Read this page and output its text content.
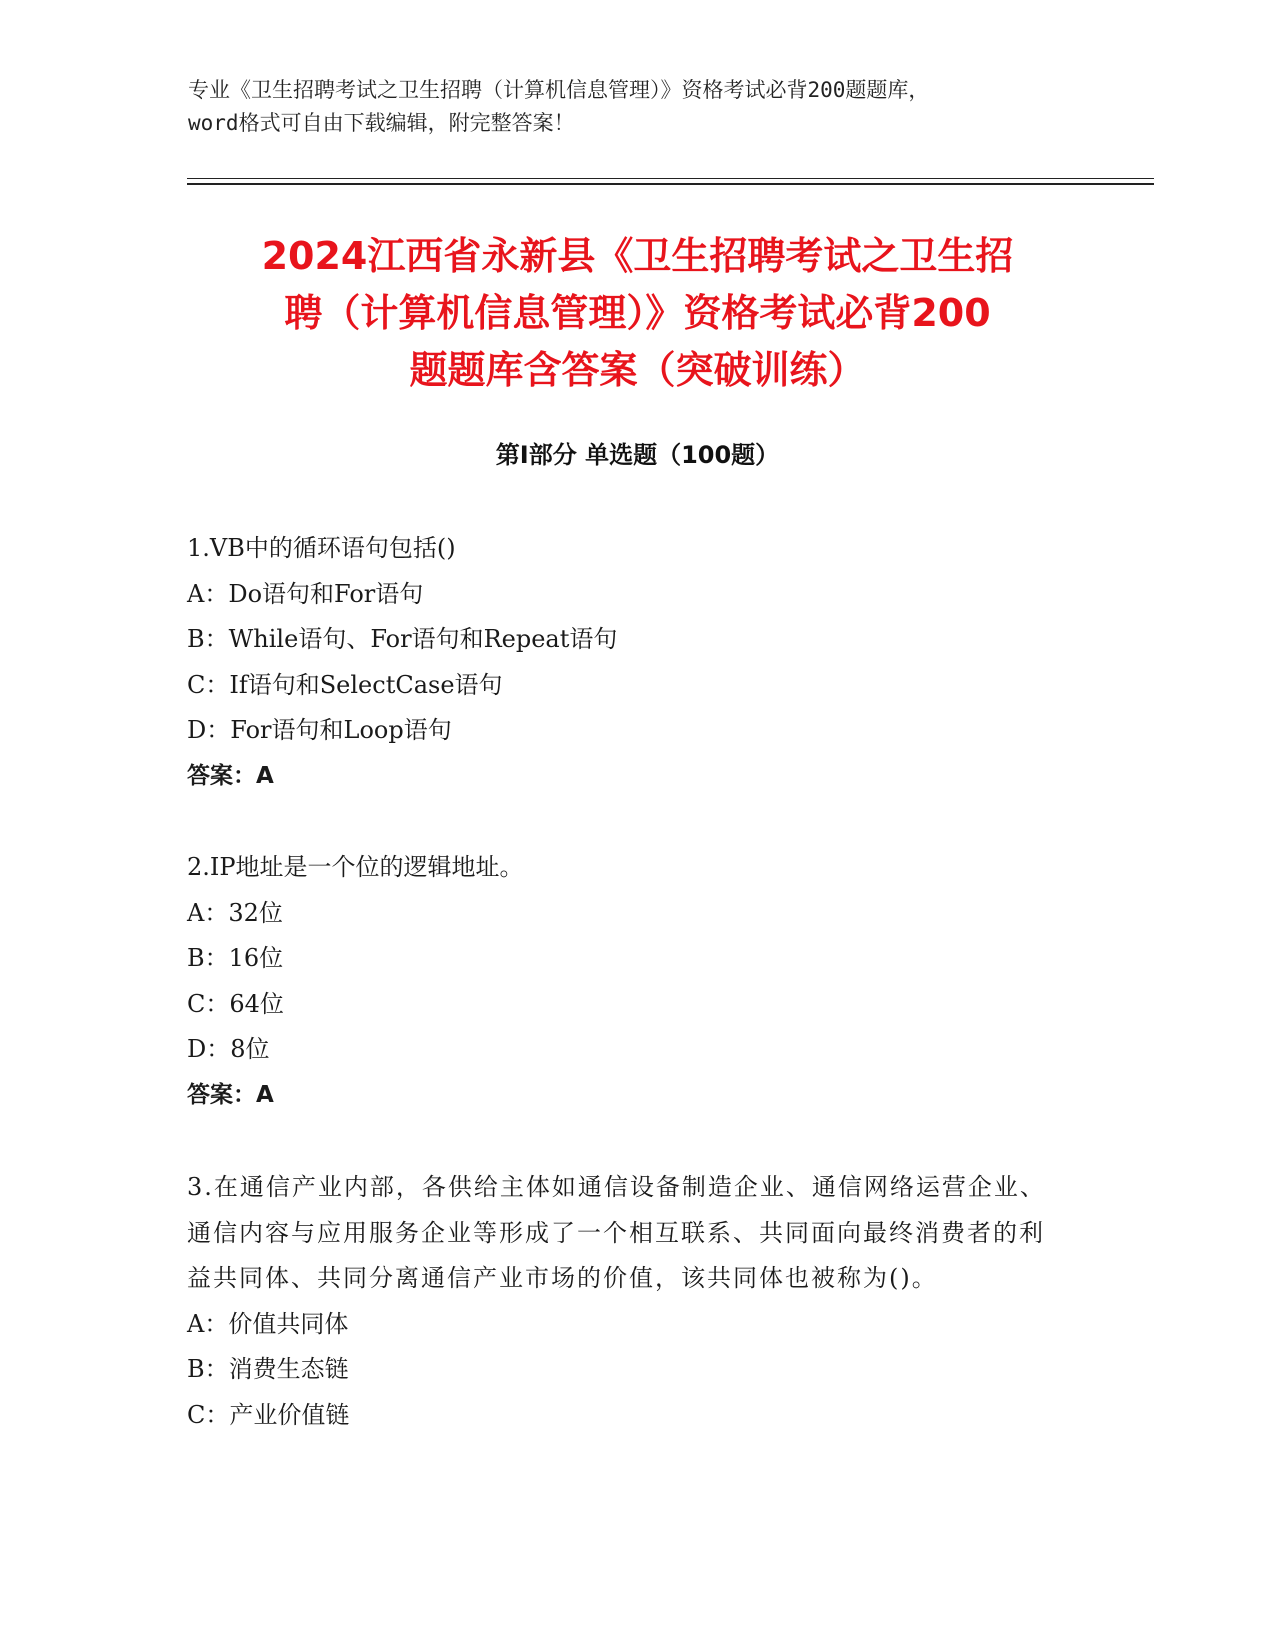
专业《卫生招聘考试之卫生招聘（计算机信息管理）》资格考试必背200题题库，
word格式可自由下载编辑，附完整答案！
2024江西省永新县《卫生招聘考试之卫生招
聘（计算机信息管理）》资格考试必背200
题题库含答案（突破训练）
第Ⅰ部分 单选题（100题）
1.VB中的循环语句包括()
A：Do语句和For语句
B：While语句、For语句和Repeat语句
C：If语句和SelectCase语句
D：For语句和Loop语句
答案：A
2.IP地址是一个位的逻辑地址。
A：32位
B：16位
C：64位
D：8位
答案：A
3.在通信产业内部，各供给主体如通信设备制造企业、通信网络运营企业、通信内容与应用服务企业等形成了一个相互联系、共同面向最终消费者的利益共同体、共同分离通信产业市场的价值，该共同体也被称为()。
A：价值共同体
B：消费生态链
C：产业价值链
